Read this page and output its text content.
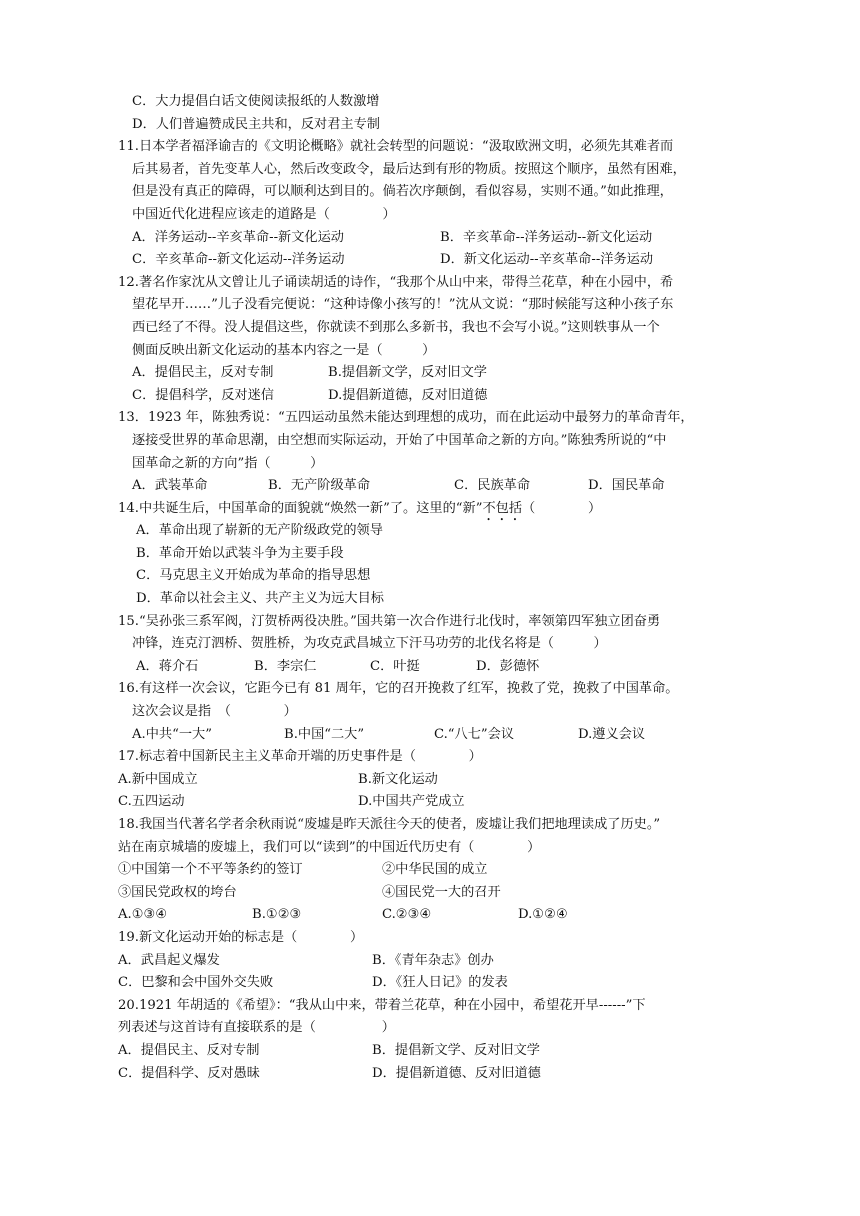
C．大力提倡白话文使阅读报纸的人数激增
D．人们普遍赞成民主共和，反对君主专制
11.日本学者福泽谕吉的《文明论概略》就社会转型的问题说：“汲取欧洲文明，必须先其难者而
后其易者，首先变革人心，然后改变政令，最后达到有形的物质。按照这个顺序，虽然有困难，
但是没有真正的障碍，可以顺利达到目的。倘若次序颠倒，看似容易，实则不通。”如此推理，
中国近代化进程应该走的道路是（　　　　）
A．洋务运动--辛亥革命--新文化运动	B．辛亥革命--洋务运动--新文化运动
C．辛亥革命--新文化运动--洋务运动	D．新文化运动--辛亥革命--洋务运动
12.著名作家沈从文曾让儿子诵读胡适的诗作，“我那个从山中来，带得兰花草，种在小园中，希
望花早开……”儿子没看完便说：“这种诗像小孩写的！”沈从文说：“那时候能写这种小孩子东
西已经了不得。没人提倡这些，你就读不到那么多新书，我也不会写小说。”这则轶事从一个
侧面反映出新文化运动的基本内容之一是（　　　）
A．提倡民主，反对专制	B.提倡新文学，反对旧文学
C．提倡科学，反对迷信	D.提倡新道德，反对旧道德
13．1923 年，陈独秀说：“五四运动虽然未能达到理想的成功，而在此运动中最努力的革命青年，
逐接受世界的革命思潮，由空想而实际运动，开始了中国革命之新的方向。”陈独秀所说的“中
国革命之新的方向”指（　　　）
A．武装革命	B．无产阶级革命	C．民族革命	D．国民革命
14.中共诞生后，中国革命的面貌就“焕然一新”了。这里的“新”不包括（　　　　）
A．革命出现了崭新的无产阶级政党的领导
B．革命开始以武装斗争为主要手段
C．马克思主义开始成为革命的指导思想
D．革命以社会主义、共产主义为远大目标
15.“吴孙张三系军阀，汀贺桥两役决胜。”国共第一次合作进行北伐时，率领第四军独立团奋勇
冲锋，连克汀泗桥、贺胜桥，为攻克武昌城立下汗马功劳的北伐名将是（　　　）
A．蒋介石	B．李宗仁	C．叶挺	D．彭德怀
16.有这样一次会议，它距今已有 81 周年，它的召开挽救了红军，挽救了党，挽救了中国革命。
这次会议是指　（　　　　）
A.中共“一大”	B.中国“二大”	C.“八七”会议	D.遵义会议
17.标志着中国新民主主义革命开端的历史事件是（　　　　）
A.新中国成立	B.新文化运动
C.五四运动	D.中国共产党成立
18.我国当代著名学者余秋雨说“废墟是昨天派往今天的使者，废墟让我们把地理读成了历史。”
站在南京城墙的废墟上，我们可以“读到”的中国近代历史有（　　　　）
①中国第一个不平等条约的签订	②中华民国的成立
③国民党政权的垮台	④国民党一大的召开
A.①③④	B.①②③	C.②③④	D.①②④
19.新文化运动开始的标志是（　　　　）
A．武昌起义爆发	B．《青年杂志》创办
C．巴黎和会中国外交失败	D．《狂人日记》的发表
20.1921 年胡适的《希望》：“我从山中来，带着兰花草，种在小园中，希望花开早------”下
列表述与这首诗有直接联系的是（　　　　　）
A．提倡民主、反对专制	B．提倡新文学、反对旧文学
C．提倡科学、反对愚昧	D．提倡新道德、反对旧道德
